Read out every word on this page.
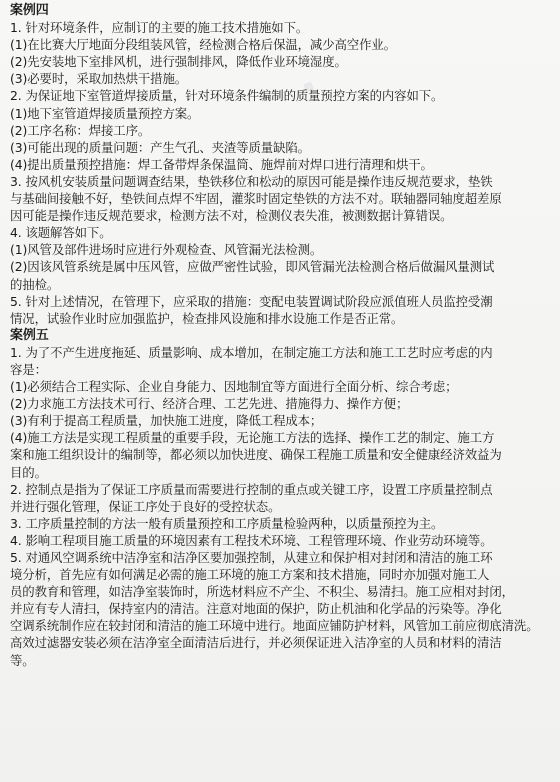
·
案例四
1. 针对环境条件，应制订的主要的施工技术措施如下。
(1)在比赛大厅地面分段组装风管，经检测合格后保温，减少高空作业。
(2)先安装地下室排风机，进行强制排风，降低作业环境湿度。
(3)必要时，采取加热烘干措施。
2. 为保证地下室管道焊接质量，针对环境条件编制的质量预控方案的内容如下。
(1)地下室管道焊接质量预控方案。
(2)工序名称：焊接工序。
(3)可能出现的质量问题：产生气孔、夹渣等质量缺陷。
(4)提出质量预控措施：焊工备带焊条保温筒、施焊前对焊口进行清理和烘干。
3. 按风机安装质量问题调查结果，垫铁移位和松动的原因可能是操作违反规范要求，垫铁
与基础间接触不好，垫铁间点焊不牢固，灌浆时固定垫铁的方法不对。联轴器同轴度超差原
因可能是操作违反规范要求，检测方法不对，检测仪表失准，被测数据计算错误。
4. 该题解答如下。
(1)风管及部件进场时应进行外观检查、风管漏光法检测。
(2)因该风管系统是属中压风管，应做严密性试验，即风管漏光法检测合格后做漏风量测试
的抽检。
5. 针对上述情况，在管理下，应采取的措施：变配电装置调试阶段应派值班人员监控受潮
情况，试验作业时应加强监护，检查排风设施和排水设施工作是否正常。
案例五
1. 为了不产生进度拖延、质量影响、成本增加，在制定施工方法和施工工艺时应考虑的内
容是：
(1)必须结合工程实际、企业自身能力、因地制宜等方面进行全面分析、综合考虑；
(2)力求施工方法技术可行、经济合理、工艺先进、措施得力、操作方便；
(3)有利于提高工程质量，加快施工进度，降低工程成本；
(4)施工方法是实现工程质量的重要手段，无论施工方法的选择、操作工艺的制定、施工方
案和施工组织设计的编制等，都必须以加快进度、确保工程施工质量和安全健康经济效益为
目的。
2. 控制点是指为了保证工序质量而需要进行控制的重点或关键工序，设置工序质量控制点
并进行强化管理，保证工序处于良好的受控状态。
3. 工序质量控制的方法一般有质量预控和工序质量检验两种，以质量预控为主。
4. 影响工程项目施工质量的环境因素有工程技术环境、工程管理环境、作业劳动环境等。
5. 对通风空调系统中洁净室和洁净区要加强控制，从建立和保护相对封闭和清洁的施工环
境分析，首先应有如何满足必需的施工环境的施工方案和技术措施，同时亦加强对施工人
员的教育和管理，如洁净室装饰时，所选材料应不产尘、不积尘、易清扫。施工应相对封闭，
并应有专人清扫，保持室内的清洁。注意对地面的保护，防止机油和化学品的污染等。净化
空调系统制作应在较封闭和清洁的施工环境中进行。地面应铺防护材料，风管加工前应彻底清洗。
高效过滤器安装必须在洁净室全面清洁后进行，并必须保证进入洁净室的人员和材料的清洁
等。
